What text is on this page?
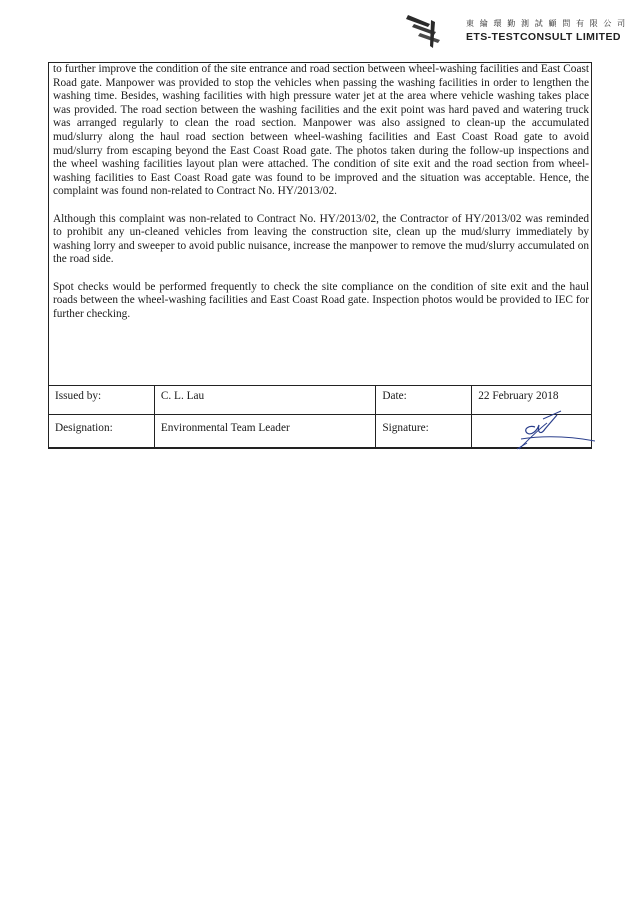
東 綸 環 勤 測 試 顧 問 有 限 公 司
ETS-TESTCONSULT LIMITED

to further improve the condition of the site entrance and road section between wheel-washing facilities and East Coast Road gate. Manpower was provided to stop the vehicles when passing the washing facilities in order to lengthen the washing time. Besides, washing facilities with high pressure water jet at the area where vehicle washing takes place was provided. The road section between the washing facilities and the exit point was hard paved and watering truck was arranged regularly to clean the road section. Manpower was also assigned to clean-up the accumulated mud/slurry along the haul road section between wheel-washing facilities and East Coast Road gate to avoid mud/slurry from escaping beyond the East Coast Road gate. The photos taken during the follow-up inspections and the wheel washing facilities layout plan were attached. The condition of site exit and the road section from wheel-washing facilities to East Coast Road gate was found to be improved and the situation was acceptable. Hence, the complaint was found non-related to Contract No. HY/2013/02.

Although this complaint was non-related to Contract No. HY/2013/02, the Contractor of HY/2013/02 was reminded to prohibit any un-cleaned vehicles from leaving the construction site, clean up the mud/slurry immediately by washing lorry and sweeper to avoid public nuisance, increase the manpower to remove the mud/slurry accumulated on the road side.

Spot checks would be performed frequently to check the site compliance on the condition of site exit and the haul roads between the wheel-washing facilities and East Coast Road gate. Inspection photos would be provided to IEC for further checking.

Issued by:	C. L. Lau	Date:	22 February 2018
Designation:	Environmental Team Leader	Signature:	
